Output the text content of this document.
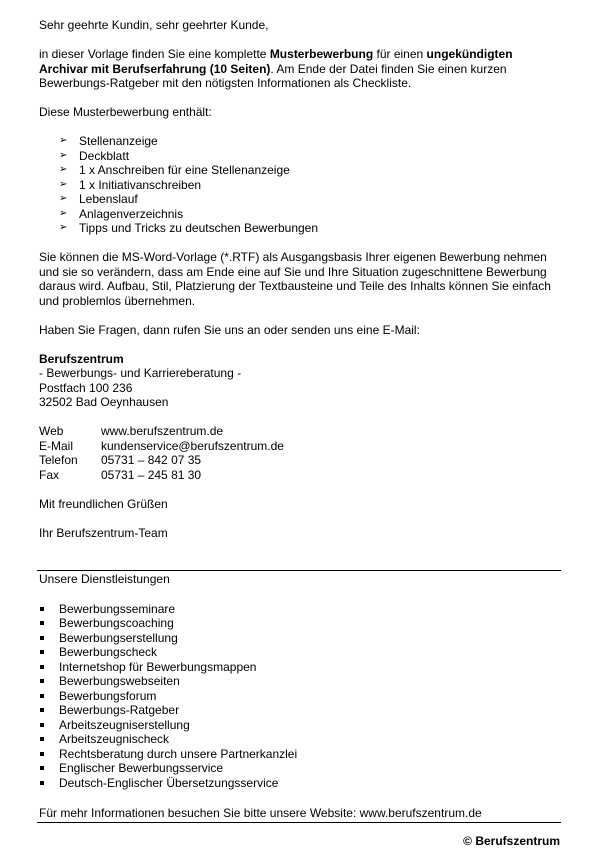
Sehr geehrte Kundin, sehr geehrter Kunde,

in dieser Vorlage finden Sie eine komplette Musterbewerbung für einen ungekündigten Archivar mit Berufserfahrung (10 Seiten). Am Ende der Datei finden Sie einen kurzen Bewerbungs-Ratgeber mit den nötigsten Informationen als Checkliste.

Diese Musterbewerbung enthält:

➢ Stellenanzeige
➢ Deckblatt
➢ 1 x Anschreiben für eine Stellenanzeige
➢ 1 x Initiativanschreiben
➢ Lebenslauf
➢ Anlagenverzeichnis
➢ Tipps und Tricks zu deutschen Bewerbungen

Sie können die MS-Word-Vorlage (*.RTF) als Ausgangsbasis Ihrer eigenen Bewerbung nehmen und sie so verändern, dass am Ende eine auf Sie und Ihre Situation zugeschnittene Bewerbung daraus wird. Aufbau, Stil, Platzierung der Textbausteine und Teile des Inhalts können Sie einfach und problemlos übernehmen.

Haben Sie Fragen, dann rufen Sie uns an oder senden uns eine E-Mail:

Berufszentrum

- Bewerbungs- und Karriereberatung -

Postfach 100 236

32502 Bad Oeynhausen

Web	www.berufszentrum.de
E-Mail	kundenservice@berufszentrum.de
Telefon	05731 – 842 07 35
Fax	05731 – 245 81 30

Mit freundlichen Grüßen

Ihr Berufszentrum-Team

Unsere Dienstleistungen

Bewerbungsseminare
Bewerbungscoaching
Bewerbungserstellung
Bewerbungscheck
Internetshop für Bewerbungsmappen
Bewerbungswebseiten
Bewerbungsforum
Bewerbungs-Ratgeber
Arbeitszeugniserstellung
Arbeitszeugnischeck
Rechtsberatung durch unsere Partnerkanzlei
Englischer Bewerbungsservice
Deutsch-Englischer Übersetzungsservice

Für mehr Informationen besuchen Sie bitte unsere Website: www.berufszentrum.de

© Berufszentrum
